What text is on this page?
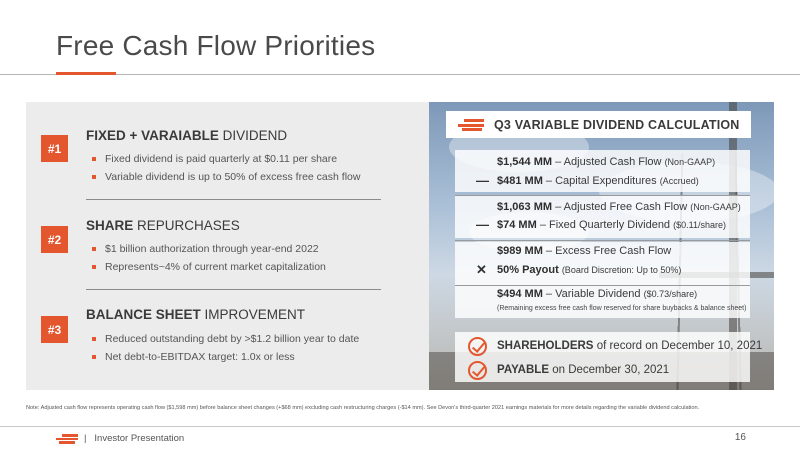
Free Cash Flow Priorities
#1
FIXED + VARAIABLE DIVIDEND
Fixed dividend is paid quarterly at $0.11 per share
Variable dividend is up to 50% of excess free cash flow
#2
SHARE REPURCHASES
$1 billion authorization through year-end 2022
Represents~4% of current market capitalization
#3
BALANCE SHEET IMPROVEMENT
Reduced outstanding debt by >$1.2 billion year to date
Net debt-to-EBITDAX target: 1.0x or less
Q3 VARIABLE DIVIDEND CALCULATION
$1,544 MM – Adjusted Cash Flow (Non-GAAP)
— $481 MM – Capital Expenditures (Accrued)
$1,063 MM – Adjusted Free Cash Flow (Non-GAAP)
— $74 MM – Fixed Quarterly Dividend ($0.11/share)
$989 MM – Excess Free Cash Flow
✕ 50% Payout (Board Discretion: Up to 50%)
$494 MM – Variable Dividend ($0.73/share)
(Remaining excess free cash flow reserved for share buybacks & balance sheet)
SHAREHOLDERS of record on December 10, 2021
PAYABLE on December 30, 2021
Note: Adjusted cash flow represents operating cash flow ($1,598 mm) before balance sheet changes (+$68 mm) excluding cash restructuring charges (-$14 mm). See Devon's third-quarter 2021 earnings materials for more details regarding the variable dividend calculation.
| Investor Presentation	16
